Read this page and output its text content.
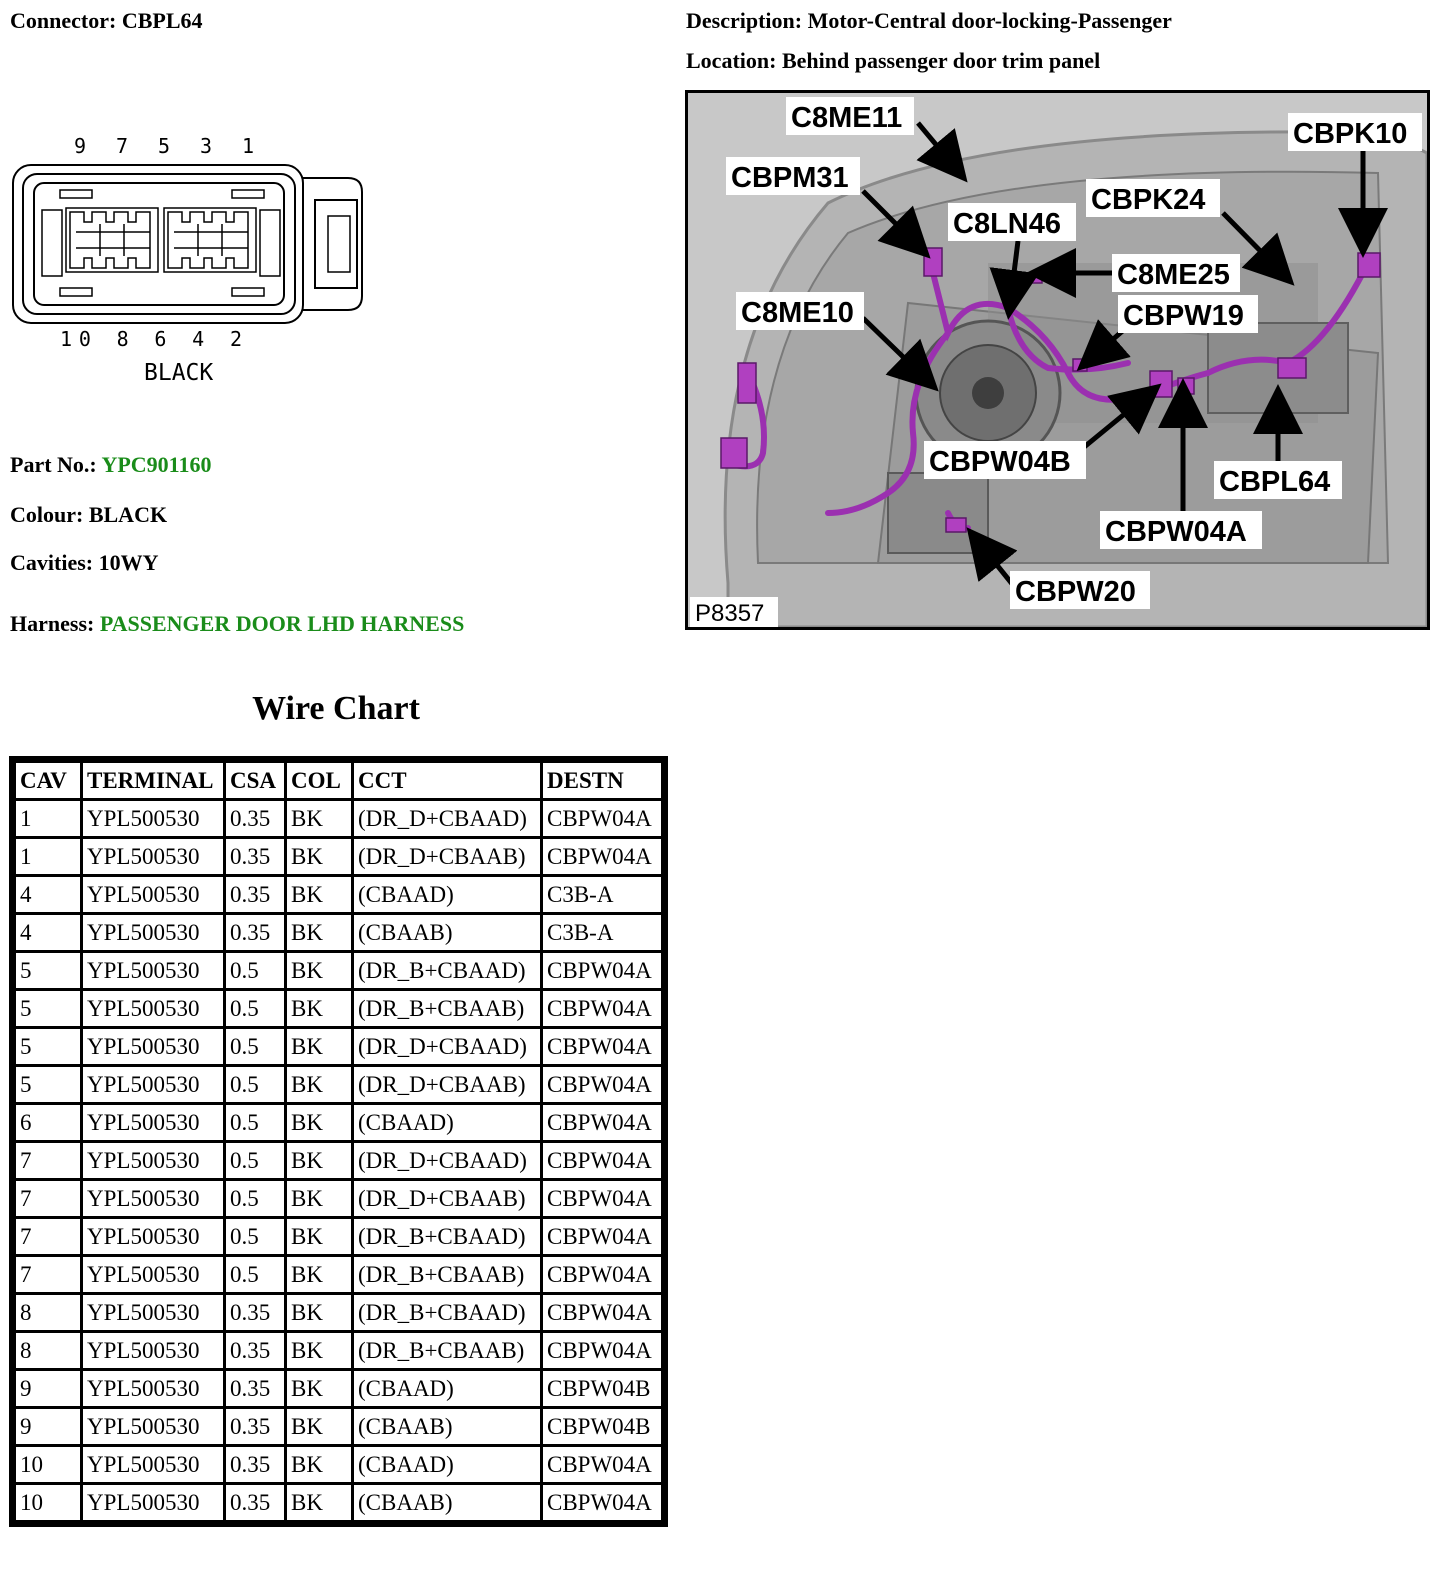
Connector: CBPL64	Description: Motor-Central door-locking-Passenger
Location: Behind passenger door trim panel
9 7 5 3 1
10 8 6 4 2
BLACK
Part No.: YPC901160
Colour: BLACK
Cavities: 10WY
Harness: PASSENGER DOOR LHD HARNESS
C8ME11	CBPK10
CBPM31
CBPK24
C8LN46
C8ME25
C8ME10	CBPW19
CBPW04B
CBPL64
CBPW04A
CBPW20
P8357
Wire Chart
CAV	TERMINAL	CSA	COL	CCT	DESTN
1	YPL500530	0.35	BK	(DR_D+CBAAD)	CBPW04A
1	YPL500530	0.35	BK	(DR_D+CBAAB)	CBPW04A
4	YPL500530	0.35	BK	(CBAAD)	C3B-A
4	YPL500530	0.35	BK	(CBAAB)	C3B-A
5	YPL500530	0.5	BK	(DR_B+CBAAD)	CBPW04A
5	YPL500530	0.5	BK	(DR_B+CBAAB)	CBPW04A
5	YPL500530	0.5	BK	(DR_D+CBAAD)	CBPW04A
5	YPL500530	0.5	BK	(DR_D+CBAAB)	CBPW04A
6	YPL500530	0.5	BK	(CBAAD)	CBPW04A
7	YPL500530	0.5	BK	(DR_D+CBAAD)	CBPW04A
7	YPL500530	0.5	BK	(DR_D+CBAAB)	CBPW04A
7	YPL500530	0.5	BK	(DR_B+CBAAD)	CBPW04A
7	YPL500530	0.5	BK	(DR_B+CBAAB)	CBPW04A
8	YPL500530	0.35	BK	(DR_B+CBAAD)	CBPW04A
8	YPL500530	0.35	BK	(DR_B+CBAAB)	CBPW04A
9	YPL500530	0.35	BK	(CBAAD)	CBPW04B
9	YPL500530	0.35	BK	(CBAAB)	CBPW04B
10	YPL500530	0.35	BK	(CBAAD)	CBPW04A
10	YPL500530	0.35	BK	(CBAAB)	CBPW04A
